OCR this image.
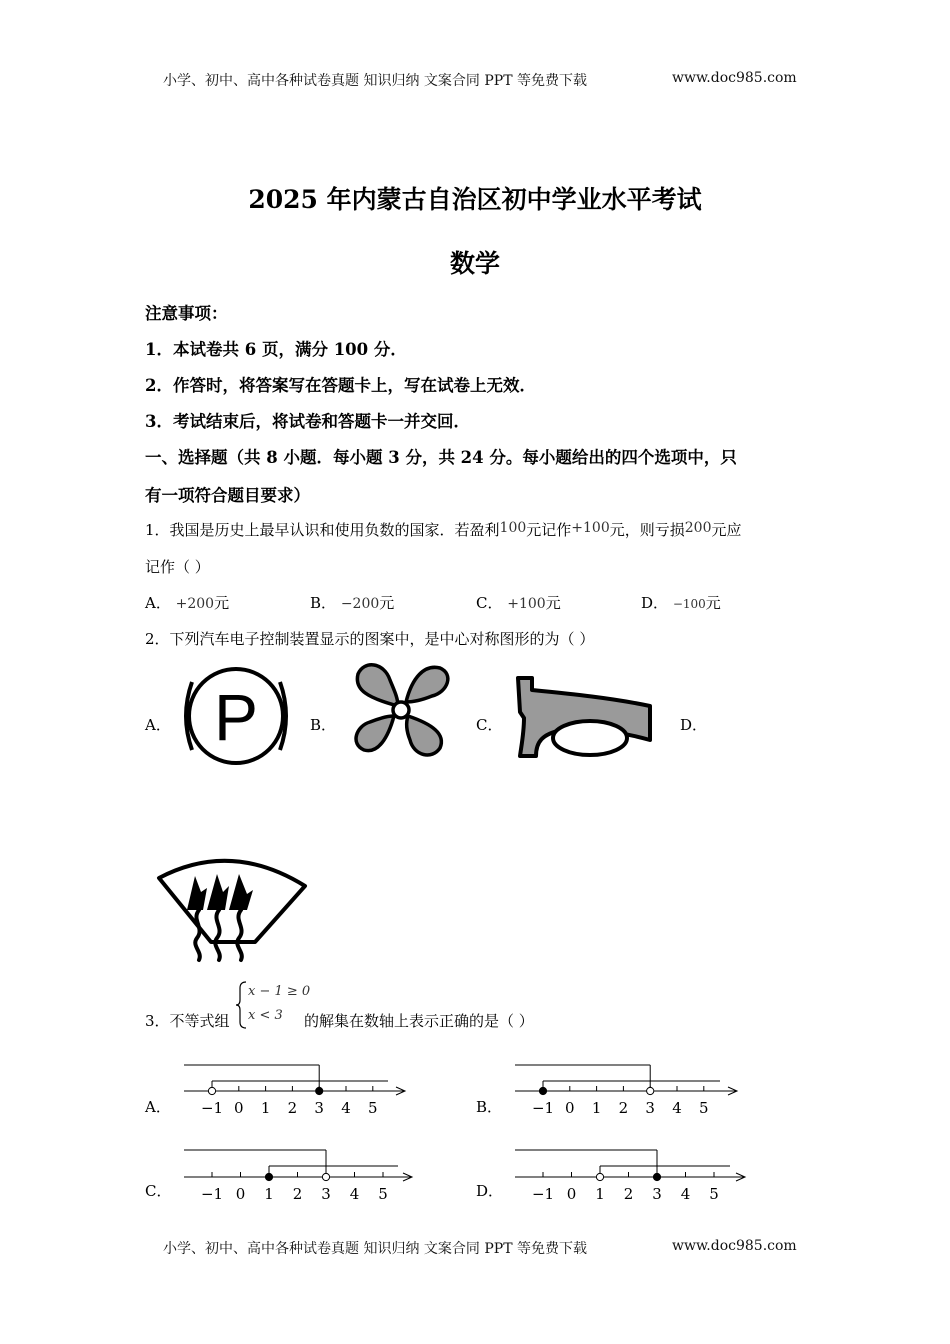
小学、初中、高中各种试卷真题 知识归纳 文案合同 PPT 等免费下载	www.doc985.com
2025 年内蒙古自治区初中学业水平考试
数学
注意事项：
1．本试卷共 6 页，满分 100 分．
2．作答时，将答案写在答题卡上，写在试卷上无效．
3．考试结束后，将试卷和答题卡一并交回．
一、选择题（共 8 小题．每小题 3 分，共 24 分。每小题给出的四个选项中，只
有一项符合题目要求）
1．我国是历史上最早认识和使用负数的国家．若盈利100元记作+100元，则亏损200元应
记作（ ）
A． +200元	B． −200元	C． +100元	D． −100元
2．下列汽车电子控制装置显示的图案中，是中心对称图形的为（ ）
A． P	B．	C．	D．
3．不等式组
x − 1 ≥ 0
x < 3 的解集在数轴上表示正确的是（ ）
A．	B．
C．	D．
−1 0 1 2 3 4 5	−1 0 1 2 3 4 5
−1 0 1 2 3 4 5	−1 0 1 2 3 4 5
小学、初中、高中各种试卷真题 知识归纳 文案合同 PPT 等免费下载	www.doc985.com
